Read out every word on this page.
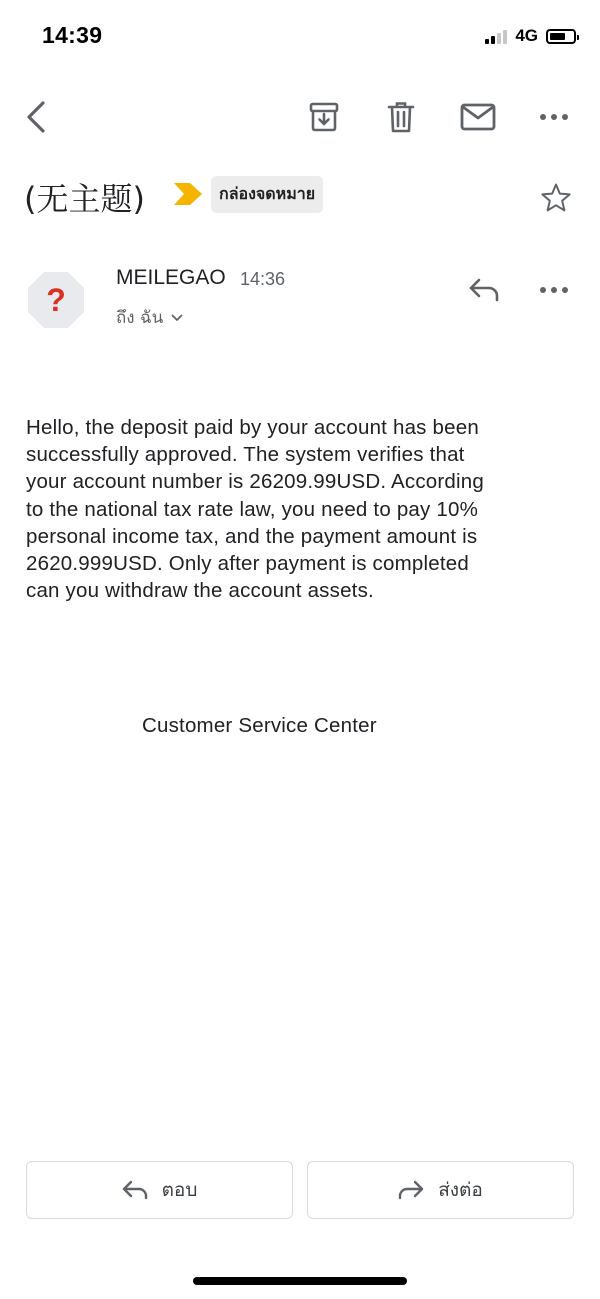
14:39	4G
(无主题)	กล่องจดหมาย
?
MEILEGAO 14:36
ถึง ฉัน
Hello, the deposit paid by your account has been
successfully approved. The system verifies that
your account number is 26209.99USD. According
to the national tax rate law, you need to pay 10%
personal income tax, and the payment amount is
2620.999USD. Only after payment is completed
can you withdraw the account assets.
Customer Service Center
ตอบ	ส่งต่อ
